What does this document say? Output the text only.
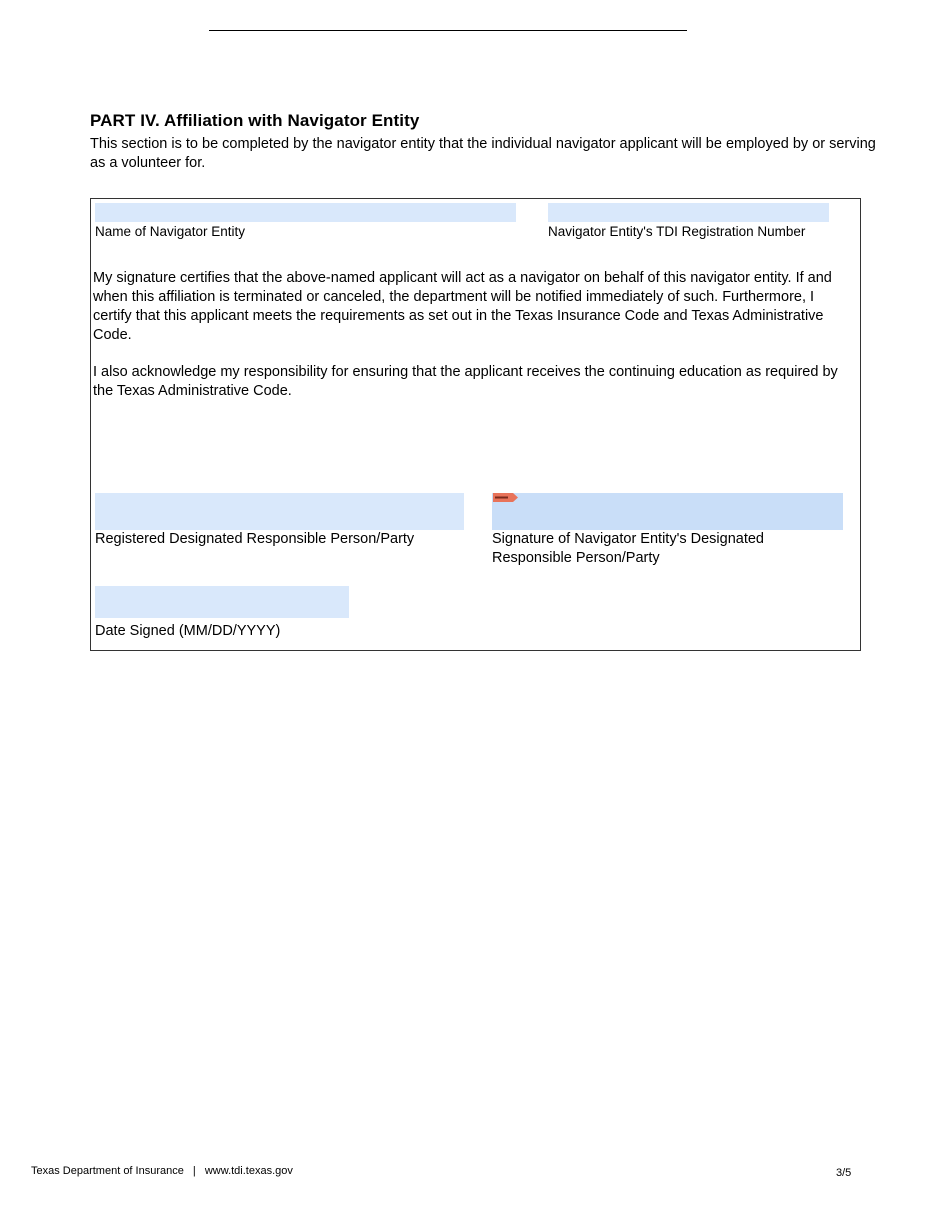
PART IV. Affiliation with Navigator Entity
This section is to be completed by the navigator entity that the individual navigator applicant will be employed by or serving as a volunteer for.
Name of Navigator Entity	Navigator Entity's TDI Registration Number

My signature certifies that the above-named applicant will act as a navigator on behalf of this navigator entity. If and when this affiliation is terminated or canceled, the department will be notified immediately of such. Furthermore, I certify that this applicant meets the requirements as set out in the Texas Insurance Code and Texas Administrative Code.

I also acknowledge my responsibility for ensuring that the applicant receives the continuing education as required by the Texas Administrative Code.

Registered Designated Responsible Person/Party	Signature of Navigator Entity's Designated
Responsible Person/Party
Date Signed (MM/DD/YYYY)
Texas Department of Insurance | www.tdi.texas.gov	3/5
